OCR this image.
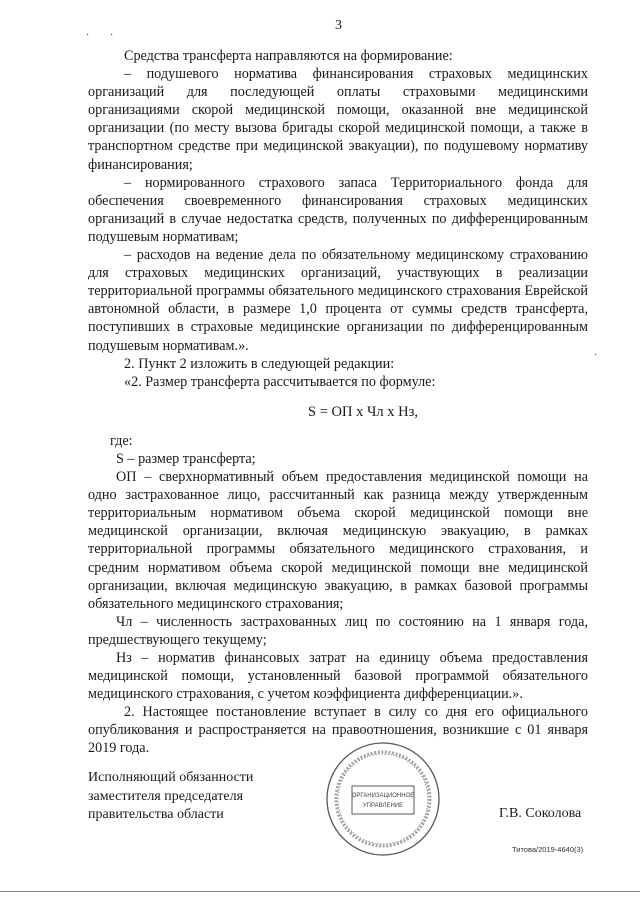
3
· ·
·

Средства трансферта направляются на формирование:

– подушевого норматива финансирования страховых медицинских организаций для последующей оплаты страховыми медицинскими организациями скорой медицинской помощи, оказанной вне медицинской организации (по месту вызова бригады скорой медицинской помощи, а также в транспортном средстве при медицинской эвакуации), по подушевому нормативу финансирования;

– нормированного страхового запаса Территориального фонда для обеспечения своевременного финансирования страховых медицинских организаций в случае недостатка средств, полученных по дифференцированным подушевым нормативам;

– расходов на ведение дела по обязательному медицинскому страхованию для страховых медицинских организаций, участвующих в реализации территориальной программы обязательного медицинского страхования Еврейской автономной области, в размере 1,0 процента от суммы средств трансферта, поступивших в страховые медицинские организации по дифференцированным подушевым нормативам.».

2. Пункт 2 изложить в следующей редакции:

«2. Размер трансферта рассчитывается по формуле:

S = ОП х Чл х Нз,

где:

S – размер трансферта;

ОП – сверхнормативный объем предоставления медицинской помощи на одно застрахованное лицо, рассчитанный как разница между утвержденным территориальным нормативом объема скорой медицинской помощи вне медицинской организации, включая медицинскую эвакуацию, в рамках территориальной программы обязательного медицинского страхования, и средним нормативом объема скорой медицинской помощи вне медицинской организации, включая медицинскую эвакуацию, в рамках базовой программы обязательного медицинского страхования;

Чл – численность застрахованных лиц по состоянию на 1 января года, предшествующего текущему;

Нз – норматив финансовых затрат на единицу объема предоставления медицинской помощи, установленный базовой программой обязательного медицинского страхования, с учетом коэффициента дифференциации.».

2. Настоящее постановление вступает в силу со дня его официального опубликования и распространяется на правоотношения, возникшие с 01 января 2019 года.

Исполняющий обязанности
заместителя председателя
правительства области
ОРГАНИЗАЦИОННОЕ
УПРАВЛЕНИЕ	Г.В. Соколова
Титова/2019-4640(3)
